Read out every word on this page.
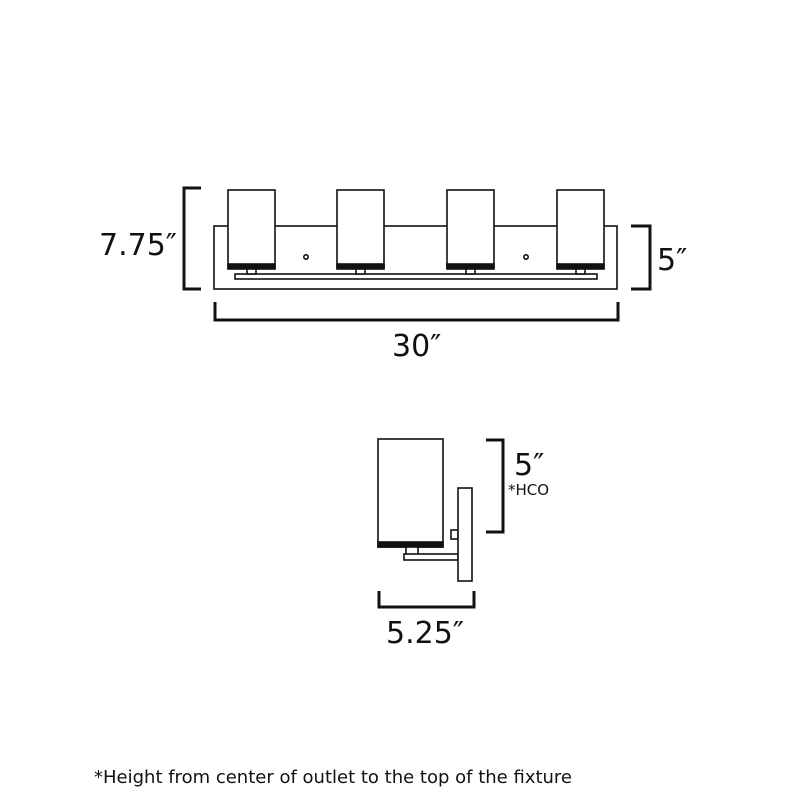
7.75″	5″
30″
5″
*HCO
5.25″
*Height from center of outlet to the top of the fixture
